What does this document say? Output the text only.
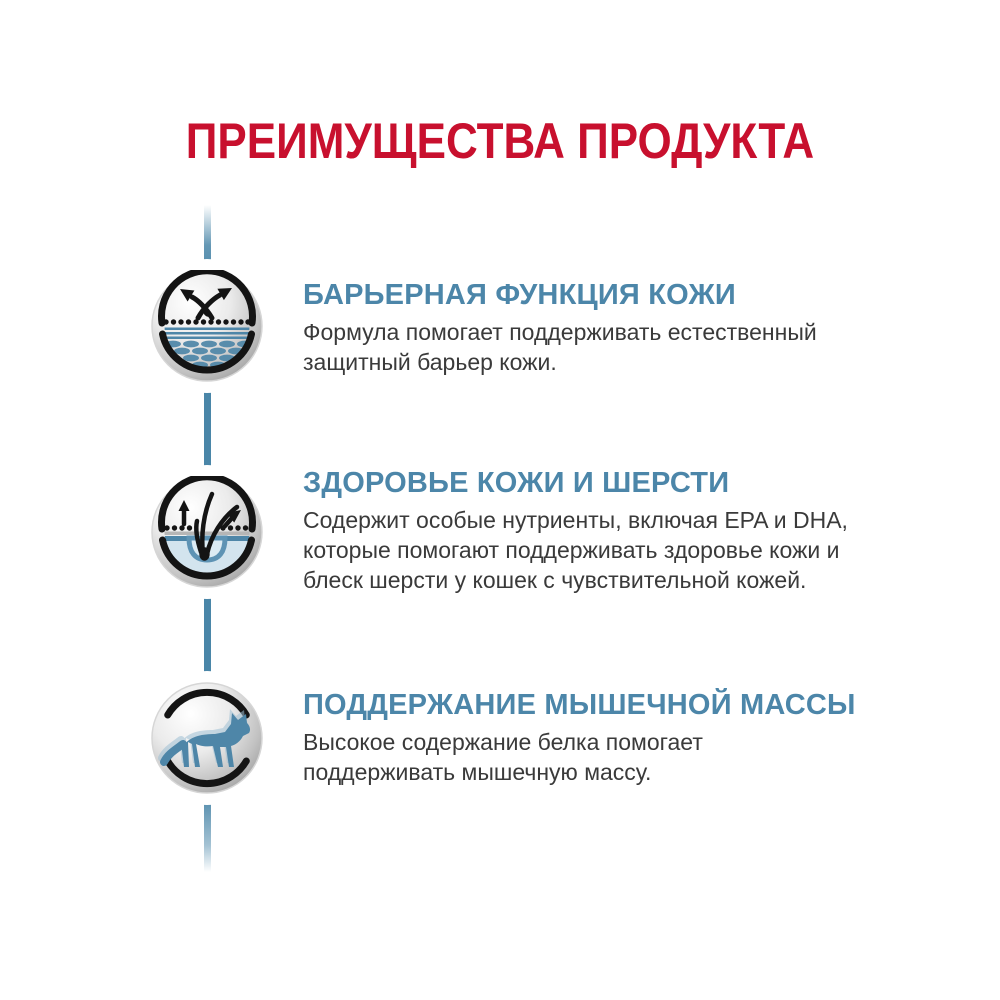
ПРЕИМУЩЕСТВА ПРОДУКТА
БАРЬЕРНАЯ ФУНКЦИЯ КОЖИ
Формула помогает поддерживать естественный
защитный барьер кожи.
ЗДОРОВЬЕ КОЖИ И ШЕРСТИ
Содержит особые нутриенты, включая EPA и DHA,
которые помогают поддерживать здоровье кожи и
блеск шерсти у кошек с чувствительной кожей.
ПОДДЕРЖАНИЕ МЫШЕЧНОЙ МАССЫ
Высокое содержание белка помогает
поддерживать мышечную массу.
